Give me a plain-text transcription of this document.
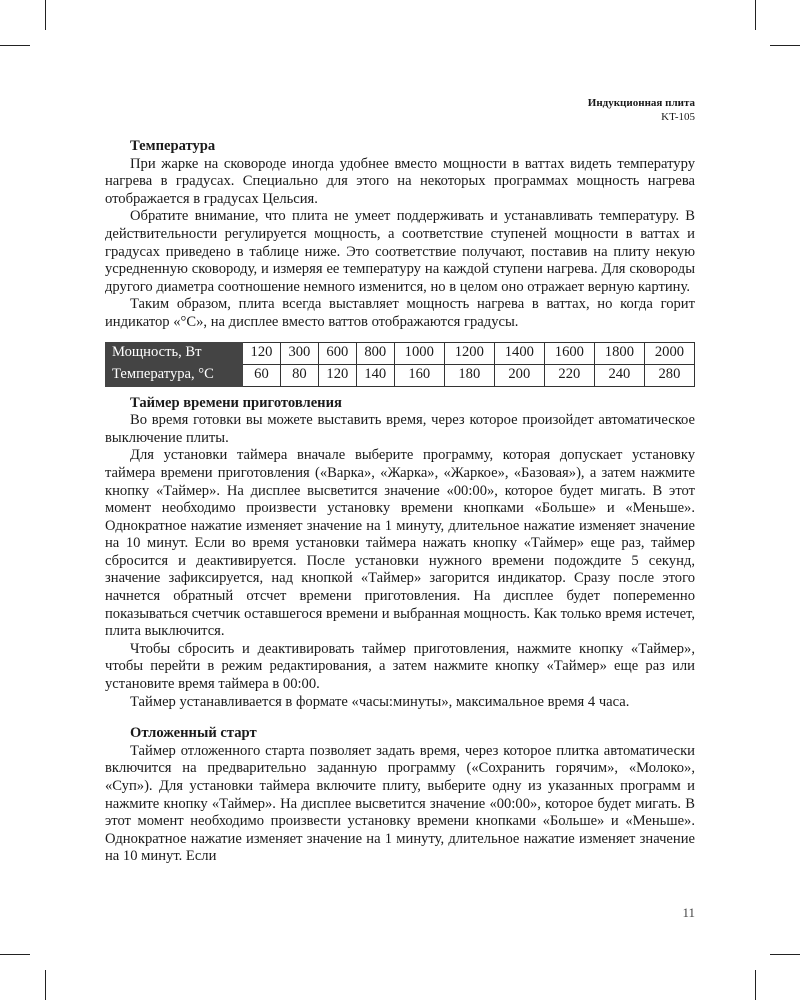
Индукционная плита
KT-105
Температура

При жарке на сковороде иногда удобнее вместо мощности в ваттах видеть температуру нагрева в градусах. Специально для этого на некоторых программах мощность нагрева отображается в градусах Цельсия.

Обратите внимание, что плита не умеет поддерживать и устанавливать температуру. В действительности регулируется мощность, а соответствие ступеней мощности в ваттах и градусах приведено в таблице ниже. Это соответствие получают, поставив на плиту некую усредненную сковороду, и измеряя ее температуру на каждой ступени нагрева. Для сковороды другого диаметра соотношение немного изменится, но в целом оно отражает верную картину.

Таким образом, плита всегда выставляет мощность нагрева в ваттах, но когда горит индикатор «°С», на дисплее вместо ваттов отображаются градусы.

Мощность, Вт	120	300	600	800	1000	1200	1400	1600	1800	2000
Температура, °С	60	80	120	140	160	180	200	220	240	280
Таймер времени приготовления

Во время готовки вы можете выставить время, через которое произойдет автоматическое выключение плиты.

Для установки таймера вначале выберите программу, которая допускает установку таймера времени приготовления («Варка», «Жарка», «Жаркое», «Базовая»), а затем нажмите кнопку «Таймер». На дисплее высветится значение «00:00», которое будет мигать. В этот момент необходимо произвести установку времени кнопками «Больше» и «Меньше». Однократное нажатие изменяет значение на 1 минуту, длительное нажатие изменяет значение на 10 минут. Если во время установки таймера нажать кнопку «Таймер» еще раз, таймер сбросится и деактивируется. После установки нужного времени подождите 5 секунд, значение зафиксируется, над кнопкой «Таймер» загорится индикатор. Сразу после этого начнется обратный отсчет времени приготовления. На дисплее будет попеременно показываться счетчик оставшегося времени и выбранная мощность. Как только время истечет, плита выключится.

Чтобы сбросить и деактивировать таймер приготовления, нажмите кнопку «Таймер», чтобы перейти в режим редактирования, а затем нажмите кнопку «Таймер» еще раз или установите время таймера в 00:00.

Таймер устанавливается в формате «часы:минуты», максимальное время 4 часа.

Отложенный старт

Таймер отложенного старта позволяет задать время, через которое плитка автоматически включится на предварительно заданную программу («Сохранить горячим», «Молоко», «Суп»). Для установки таймера включите плиту, выберите одну из указанных программ и нажмите кнопку «Таймер». На дисплее высветится значение «00:00», которое будет мигать. В этот момент необходимо произвести установку времени кнопками «Больше» и «Меньше». Однократное нажатие изменяет значение на 1 минуту, длительное нажатие изменяет значение на 10 минут. Если

11
